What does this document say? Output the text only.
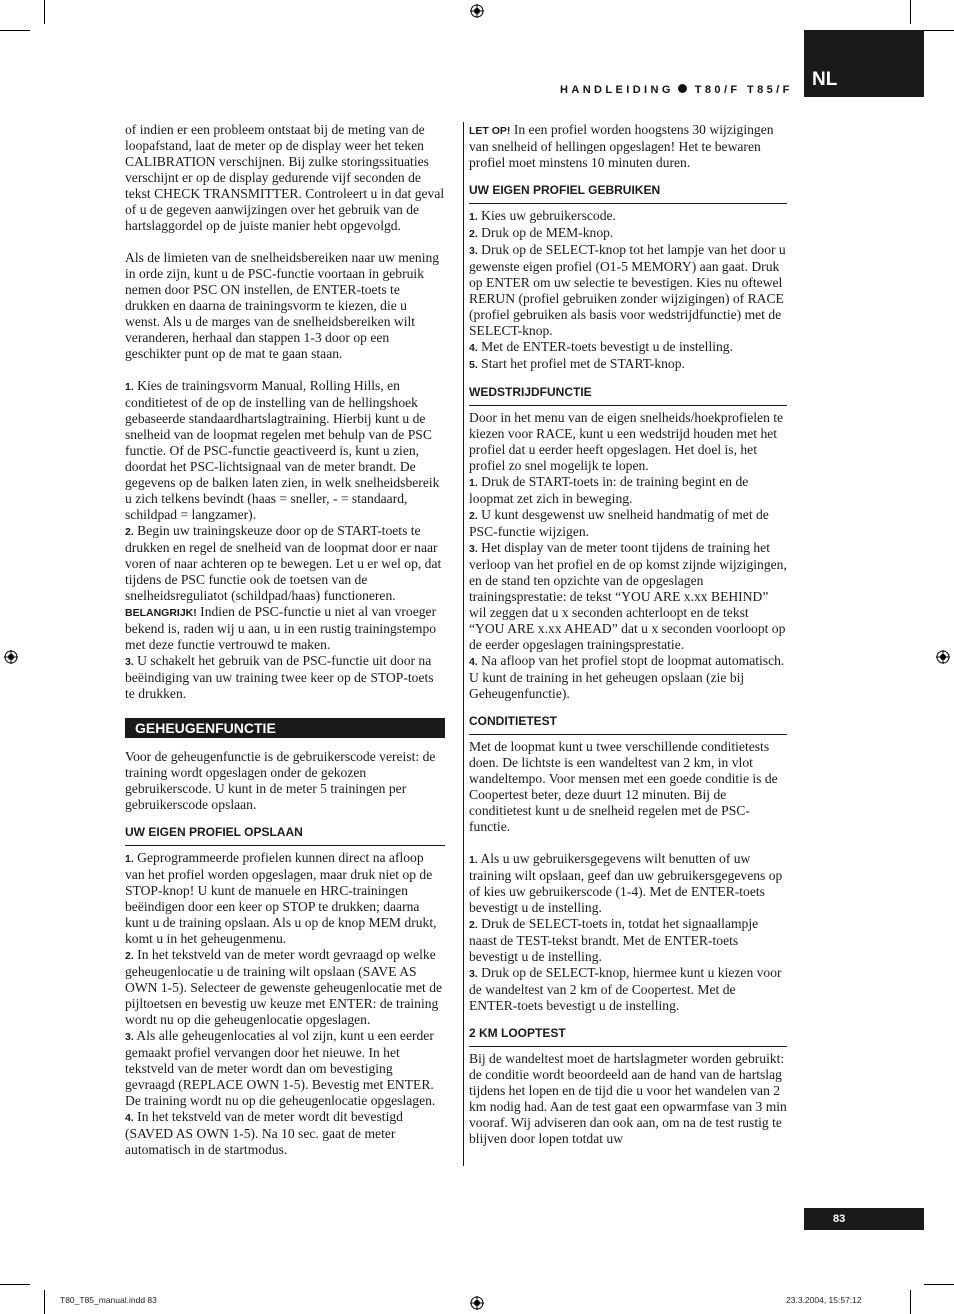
NL
HANDLEIDING T80/F T85/F

of indien er een probleem ontstaat bij de meting van de loopafstand, laat de meter op de display weer het teken CALIBRATION verschijnen. Bij zulke storingssituaties verschijnt er op de display gedurende vijf seconden de tekst CHECK TRANSMITTER. Controleert u in dat geval of u de gegeven aanwijzingen over het gebruik van de hartslaggordel op de juiste manier hebt opgevolgd.

Als de limieten van de snelheidsbereiken naar uw mening in orde zijn, kunt u de PSC-functie voortaan in gebruik nemen door PSC ON instellen, de ENTER-toets te drukken en daarna de trainingsvorm te kiezen, die u wenst. Als u de marges van de snelheidsbereiken wilt veranderen, herhaal dan stappen 1-3 door op een geschikter punt op de mat te gaan staan.

1. Kies de trainingsvorm Manual, Rolling Hills, en conditietest of de op de instelling van de hellingshoek gebaseerde standaardhartslagtraining. Hierbij kunt u de snelheid van de loopmat regelen met behulp van de PSC functie. Of de PSC-functie geactiveerd is, kunt u zien, doordat het PSC-lichtsignaal van de meter brandt. De gegevens op de balken laten zien, in welk snelheidsbereik u zich telkens bevindt (haas = sneller, - = standaard, schildpad = langzamer).

2. Begin uw trainingskeuze door op de START-toets te drukken en regel de snelheid van de loopmat door er naar voren of naar achteren op te bewegen. Let u er wel op, dat tijdens de PSC functie ook de toetsen van de snelheidsreguliatot (schildpad/haas) functioneren.

BELANGRIJK! Indien de PSC-functie u niet al van vroeger bekend is, raden wij u aan, u in een rustig trainingstempo met deze functie vertrouwd te maken.

3. U schakelt het gebruik van de PSC-functie uit door na beëindiging van uw training twee keer op de STOP-toets te drukken.

GEHEUGENFUNCTIE

Voor de geheugenfunctie is de gebruikerscode vereist: de training wordt opgeslagen onder de gekozen gebruikerscode. U kunt in de meter 5 trainingen per gebruikerscode opslaan.

UW EIGEN PROFIEL OPSLAAN

1. Geprogrammeerde profielen kunnen direct na afloop van het profiel worden opgeslagen, maar druk niet op de STOP-knop! U kunt de manuele en HRC-trainingen beëindigen door een keer op STOP te drukken; daarna kunt u de training opslaan. Als u op de knop MEM drukt, komt u in het geheugenmenu.

2. In het tekstveld van de meter wordt gevraagd op welke geheugenlocatie u de training wilt opslaan (SAVE AS OWN 1-5). Selecteer de gewenste geheugenlocatie met de pijltoetsen en bevestig uw keuze met ENTER: de training wordt nu op die geheugenlocatie opgeslagen.

3. Als alle geheugenlocaties al vol zijn, kunt u een eerder gemaakt profiel vervangen door het nieuwe. In het tekstveld van de meter wordt dan om bevestiging gevraagd (REPLACE OWN 1-5). Bevestig met ENTER. De training wordt nu op die geheugenlocatie opgeslagen.

4. In het tekstveld van de meter wordt dit bevestigd (SAVED AS OWN 1-5). Na 10 sec. gaat de meter automatisch in de startmodus.

LET OP! In een profiel worden hoogstens 30 wijzigingen van snelheid of hellingen opgeslagen! Het te bewaren profiel moet minstens 10 minuten duren.

UW EIGEN PROFIEL GEBRUIKEN

1. Kies uw gebruikerscode.

2. Druk op de MEM-knop.

3. Druk op de SELECT-knop tot het lampje van het door u gewenste eigen profiel (O1-5 MEMORY) aan gaat. Druk op ENTER om uw selectie te bevestigen. Kies nu oftewel RERUN (profiel gebruiken zonder wijzigingen) of RACE (profiel gebruiken als basis voor wedstrijdfunctie) met de SELECT-knop.

4. Met de ENTER-toets bevestigt u de instelling.

5. Start het profiel met de START-knop.

WEDSTRIJDFUNCTIE

Door in het menu van de eigen snelheids/hoekprofielen te kiezen voor RACE, kunt u een wedstrijd houden met het profiel dat u eerder heeft opgeslagen. Het doel is, het profiel zo snel mogelijk te lopen.

1. Druk de START-toets in: de training begint en de loopmat zet zich in beweging.

2. U kunt desgewenst uw snelheid handmatig of met de PSC-functie wijzigen.

3. Het display van de meter toont tijdens de training het verloop van het profiel en de op komst zijnde wijzigingen, en de stand ten opzichte van de opgeslagen trainingsprestatie: de tekst “YOU ARE x.xx BEHIND” wil zeggen dat u x seconden achterloopt en de tekst “YOU ARE x.xx AHEAD” dat u x seconden voorloopt op de eerder opgeslagen trainingsprestatie.

4. Na afloop van het profiel stopt de loopmat automatisch. U kunt de training in het geheugen opslaan (zie bij Geheugenfunctie).

CONDITIETEST

Met de loopmat kunt u twee verschillende conditietests doen. De lichtste is een wandeltest van 2 km, in vlot wandeltempo. Voor mensen met een goede conditie is de Coopertest beter, deze duurt 12 minuten. Bij de conditietest kunt u de snelheid regelen met de PSC-functie.

1. Als u uw gebruikersgegevens wilt benutten of uw training wilt opslaan, geef dan uw gebruikersgegevens op of kies uw gebruikerscode (1-4). Met de ENTER-toets bevestigt u de instelling.

2. Druk de SELECT-toets in, totdat het signaallampje naast de TEST-tekst brandt. Met de ENTER-toets bevestigt u de instelling.

3. Druk op de SELECT-knop, hiermee kunt u kiezen voor de wandeltest van 2 km of de Coopertest. Met de ENTER-toets bevestigt u de instelling.

2 KM LOOPTEST

Bij de wandeltest moet de hartslagmeter worden gebruikt: de conditie wordt beoordeeld aan de hand van de hartslag tijdens het lopen en de tijd die u voor het wandelen van 2 km nodig had. Aan de test gaat een opwarmfase van 3 min vooraf. Wij adviseren dan ook aan, om na de test rustig te blijven door lopen totdat uw

83
T80_T85_manual.indd 83	23.3.2004, 15:57:12
